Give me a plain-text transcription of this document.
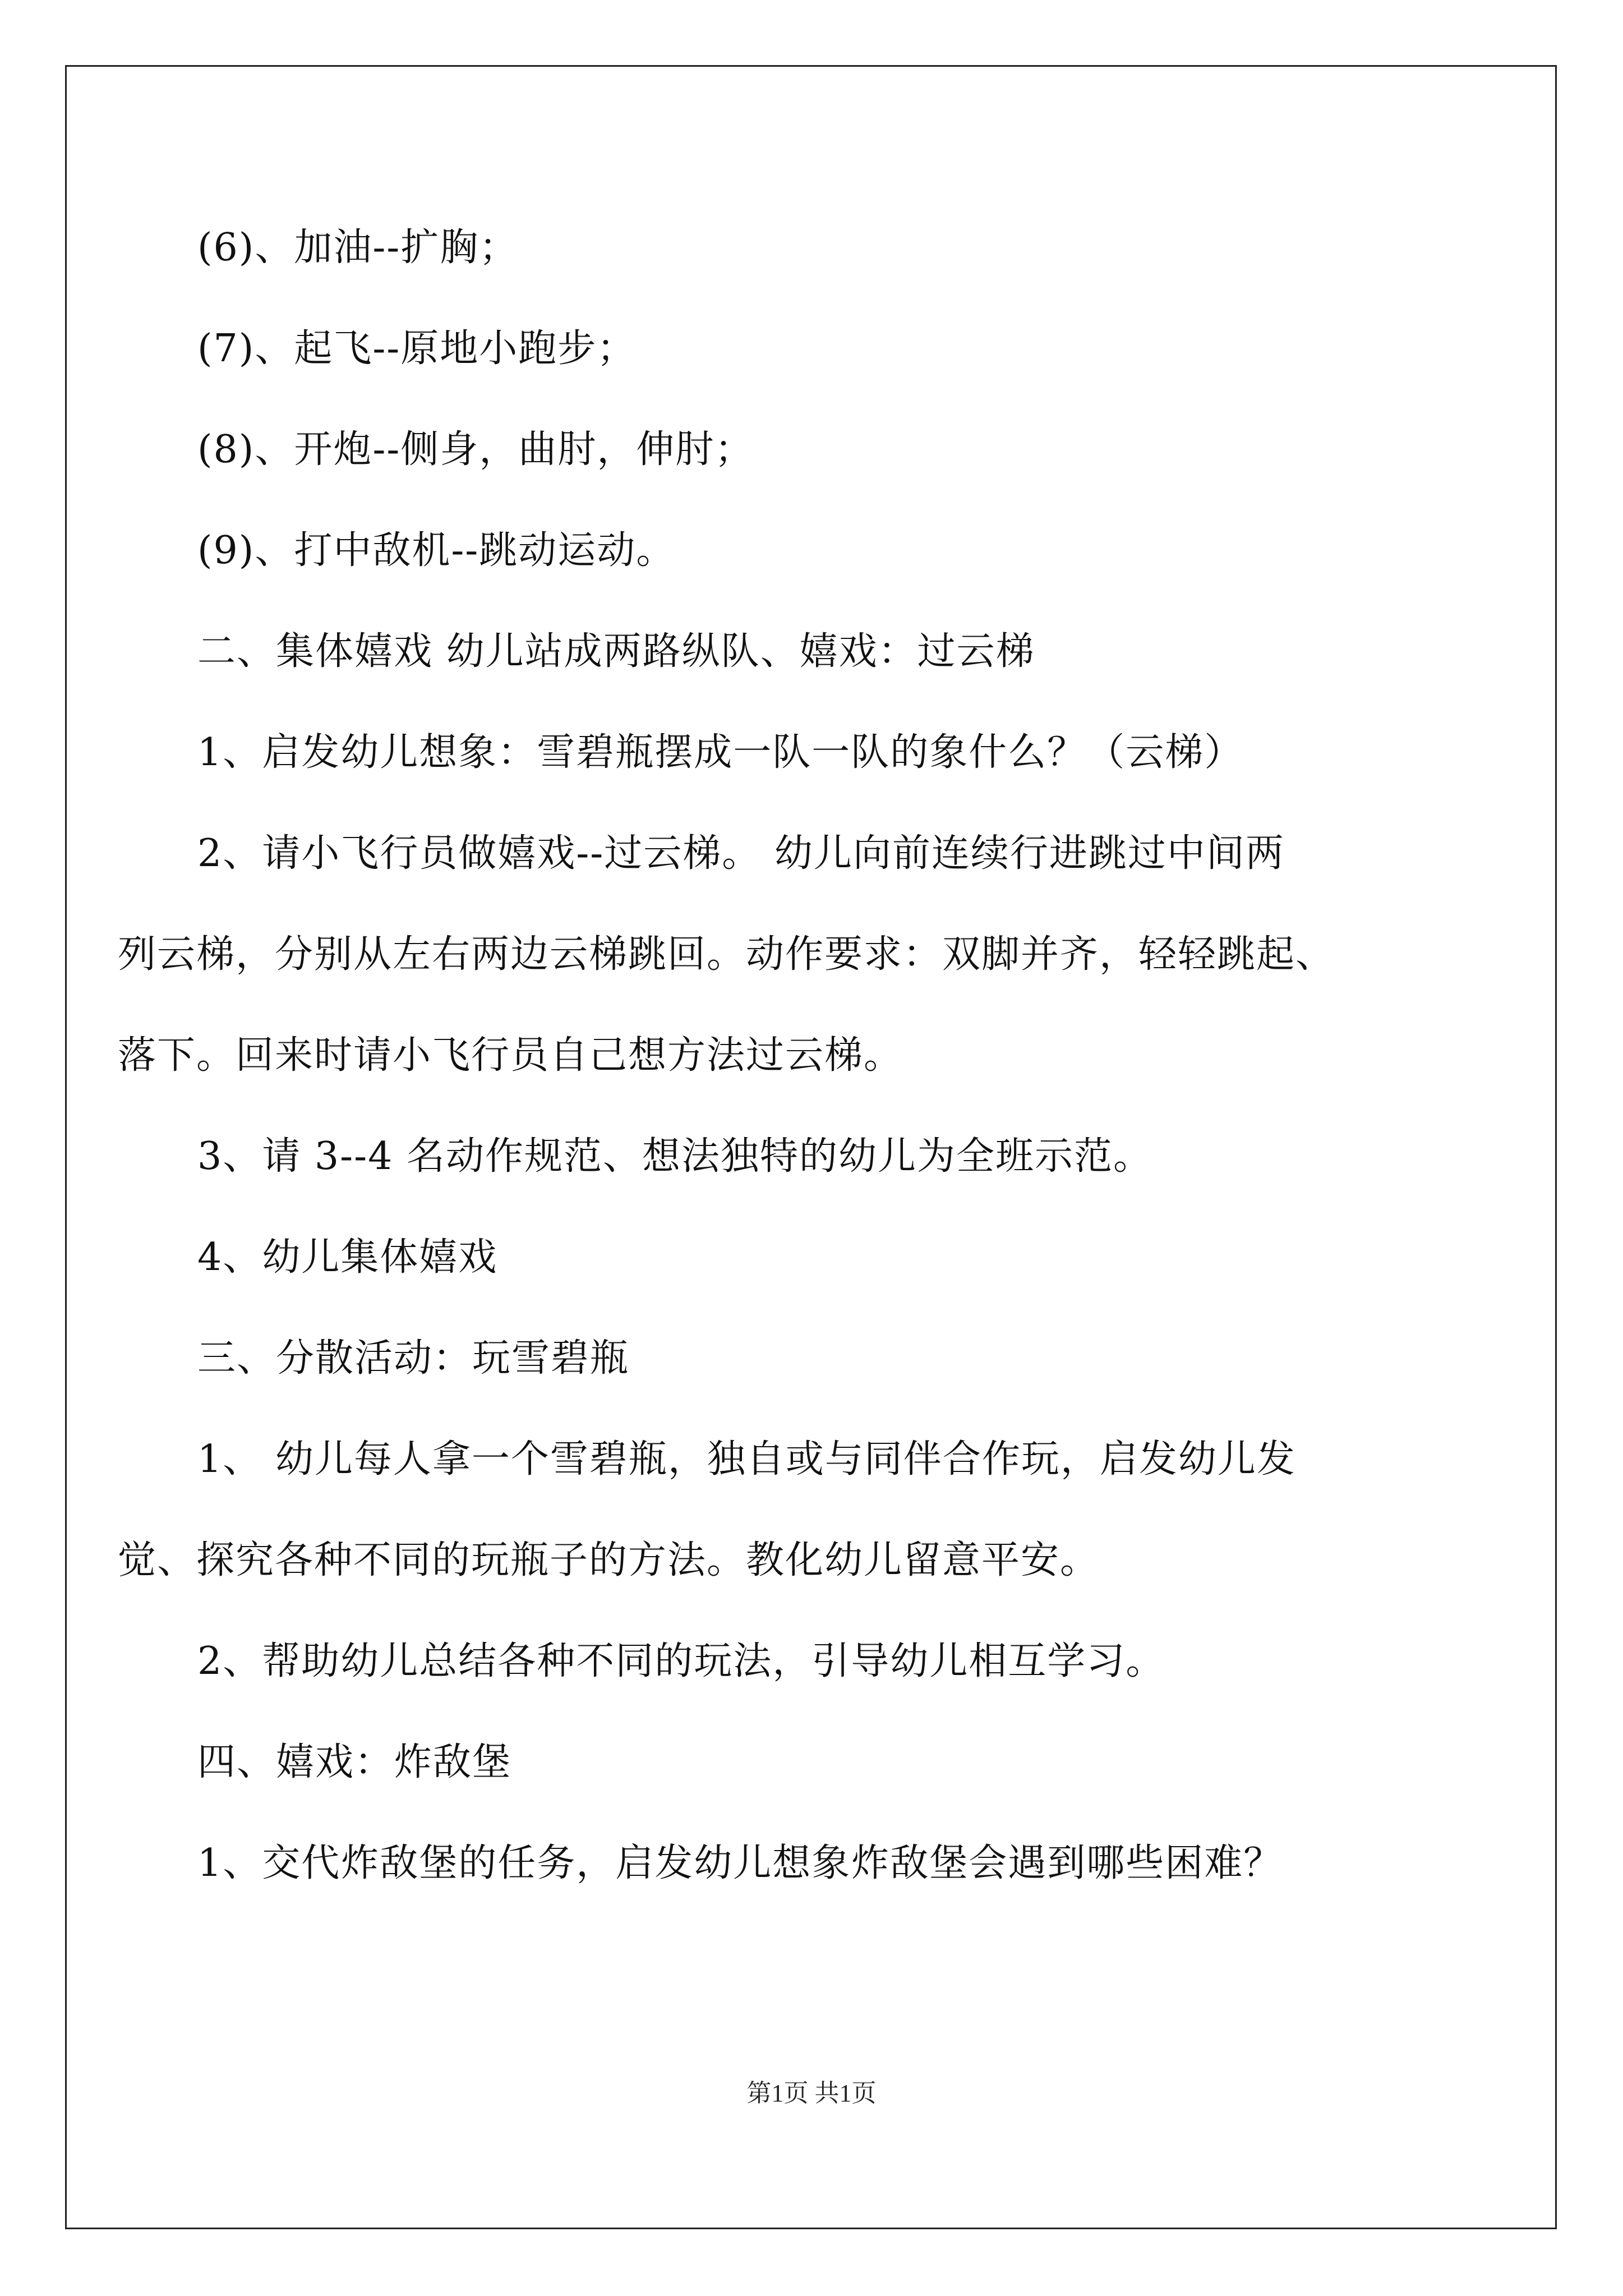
(6)、加油--扩胸；
(7)、起飞--原地小跑步；
(8)、开炮--侧身，曲肘，伸肘；
(9)、打中敌机--跳动运动。
二、集体嬉戏 幼儿站成两路纵队、嬉戏：过云梯
1、启发幼儿想象：雪碧瓶摆成一队一队的象什么？（云梯）
2、请小飞行员做嬉戏--过云梯。 幼儿向前连续行进跳过中间两
列云梯，分别从左右两边云梯跳回。动作要求：双脚并齐，轻轻跳起、
落下。回来时请小飞行员自己想方法过云梯。
3、请 3--4 名动作规范、想法独特的幼儿为全班示范。
4、幼儿集体嬉戏
三、分散活动：玩雪碧瓶
1、 幼儿每人拿一个雪碧瓶，独自或与同伴合作玩，启发幼儿发
觉、探究各种不同的玩瓶子的方法。教化幼儿留意平安。
2、帮助幼儿总结各种不同的玩法，引导幼儿相互学习。
四、嬉戏：炸敌堡
1、交代炸敌堡的任务，启发幼儿想象炸敌堡会遇到哪些困难？
第1页 共1页
